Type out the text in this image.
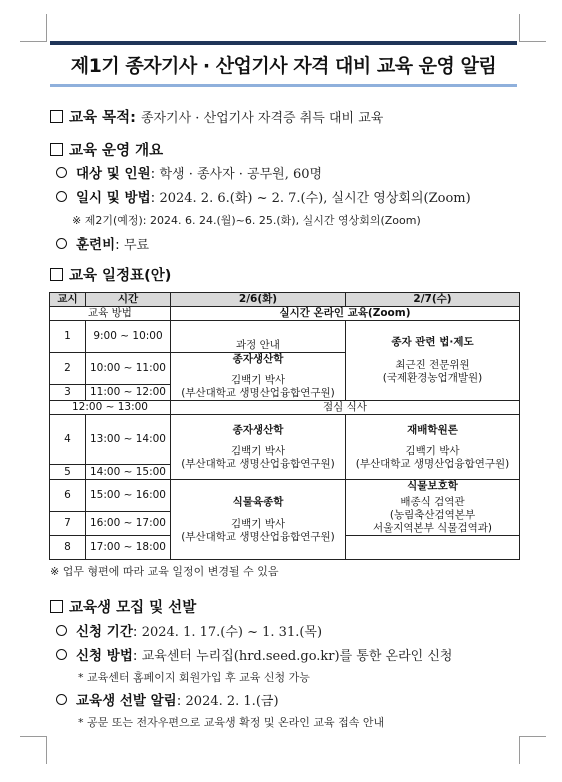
제1기 종자기사 · 산업기사 자격 대비 교육 운영 알림
교육 목적: 종자기사 · 산업기사 자격증 취득 대비 교육
교육 운영 개요
대상 및 인원: 학생 · 종사자 · 공무원, 60명
일시 및 방법: 2024. 2. 6.(화) ~ 2. 7.(수), 실시간 영상회의(Zoom)
※ 제2기(예정): 2024. 6. 24.(월)~6. 25.(화), 실시간 영상회의(Zoom)
훈련비: 무료
교육 일정표(안)
교시	시간	2/6(화)	2/7(수)
교육 방법		실시간 온라인 교육(Zoom)	
1	9:00 ~ 10:00	과정 안내	종자 관련 법·제도
최근진 전문위원
(국제환경농업개발원)

2	10:00 ~ 11:00	종자생산학
김백기 박사
(부산대학교 생명산업융합연구원)	

3	11:00 ~ 12:00		
12:00 ~ 13:00		점심 식사	
4	13:00 ~ 14:00	종자생산학
김백기 박사
(부산대학교 생명산업융합연구원)	재배학원론
김백기 박사
(부산대학교 생명산업융합연구원)

5	14:00 ~ 15:00		
6	15:00 ~ 16:00	식물육종학
김백기 박사
(부산대학교 생명산업융합연구원)	식물보호학
배종식 검역관
(농림축산검역본부
서울지역본부 식물검역과)

7	16:00 ~ 17:00		
8	17:00 ~ 18:00		
※ 업무 형편에 따라 교육 일정이 변경될 수 있음
교육생 모집 및 선발
신청 기간: 2024. 1. 17.(수) ~ 1. 31.(목)
신청 방법: 교육센터 누리집(hrd.seed.go.kr)를 통한 온라인 신청
* 교육센터 홈페이지 회원가입 후 교육 신청 가능
교육생 선발 알림: 2024. 2. 1.(금)
* 공문 또는 전자우편으로 교육생 확정 및 온라인 교육 접속 안내
